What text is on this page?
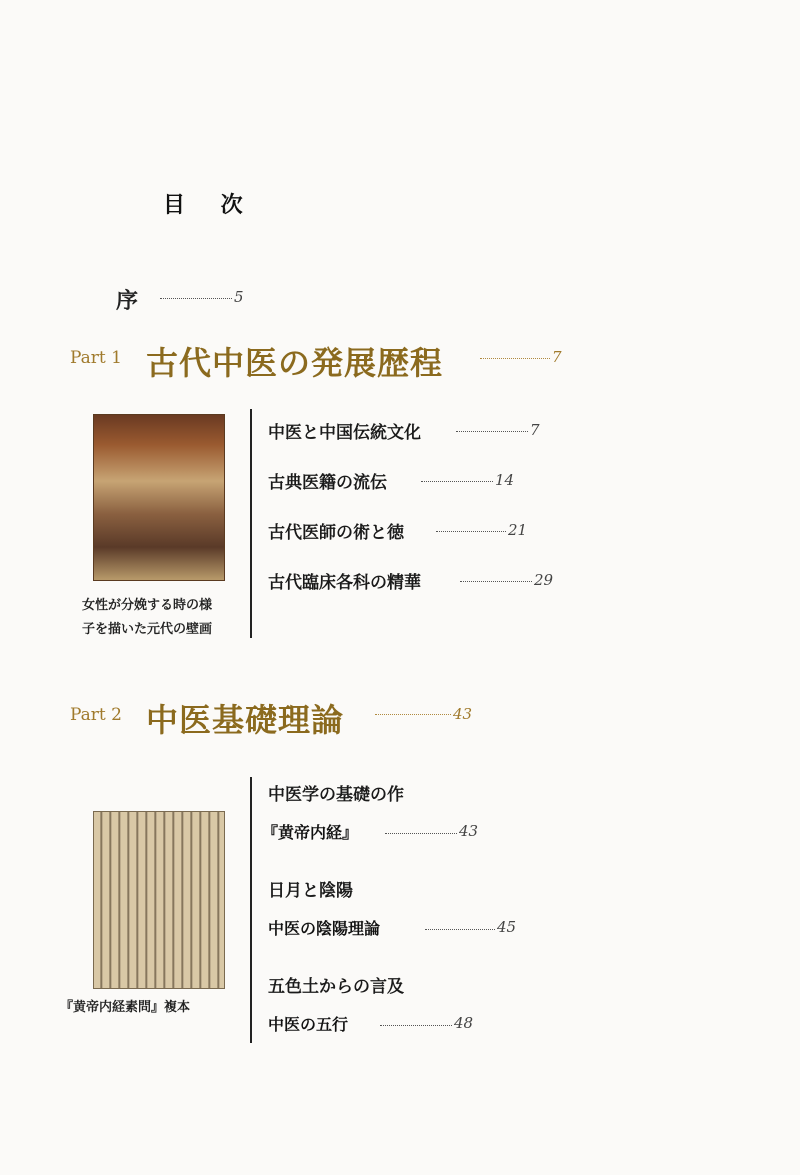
目 次
序	5
Part 1 古代中医の発展歴程	7
女性が分娩する時の様
子を描いた元代の壁画
中医と中国伝統文化	7
古典医籍の流伝	14
古代医師の術と徳	21
古代臨床各科の精華	29
Part 2 中医基礎理論	43
『黄帝内経素問』複本
中医学の基礎の作
『黄帝内経』	43
日月と陰陽
中医の陰陽理論	45
五色土からの言及
中医の五行	48
